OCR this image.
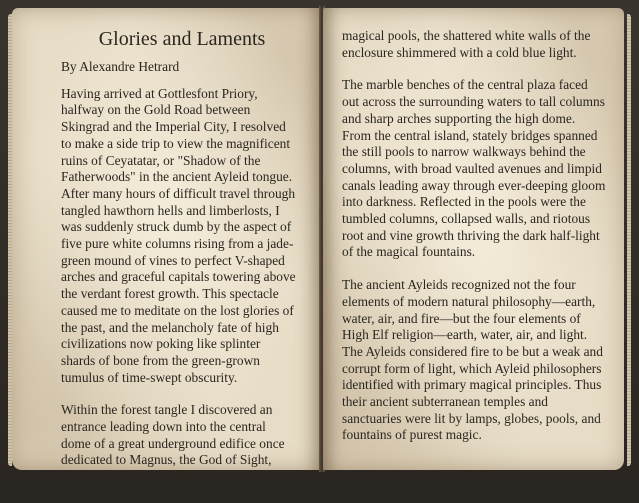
Glories and Laments
By Alexandre Hetrard

Having arrived at Gottlesfont Priory, halfway on the Gold Road between Skingrad and the Imperial City, I resolved to make a side trip to view the magnificent ruins of Ceyatatar, or "Shadow of the Fatherwoods" in the ancient Ayleid tongue. After many hours of difficult travel through tangled hawthorn hells and limberlosts, I was suddenly struck dumb by the aspect of five pure white columns rising from a jade-green mound of vines to perfect V-shaped arches and graceful capitals towering above the verdant forest growth. This spectacle caused me to meditate on the lost glories of the past, and the melancholy fate of high civilizations now poking like splinter shards of bone from the green-grown tumulus of time-swept obscurity.

Within the forest tangle I discovered an entrance leading down into the central dome of a great underground edifice once dedicated to Magnus, the God of Sight, Light, and Insight. Dimly lit by the faded power of its

magical pools, the shattered white walls of the enclosure shimmered with a cold blue light.

The marble benches of the central plaza faced out across the surrounding waters to tall columns and sharp arches supporting the high dome. From the central island, stately bridges spanned the still pools to narrow walkways behind the columns, with broad vaulted avenues and limpid canals leading away through ever-deeping gloom into darkness. Reflected in the pools were the tumbled columns, collapsed walls, and riotous root and vine growth thriving the dark half-light of the magical fountains.

The ancient Ayleids recognized not the four elements of modern natural philosophy—earth, water, air, and fire—but the four elements of High Elf religion—earth, water, air, and light. The Ayleids considered fire to be but a weak and corrupt form of light, which Ayleid philosophers identified with primary magical principles. Thus their ancient subterranean temples and sanctuaries were lit by lamps, globes, pools, and fountains of purest magic.
